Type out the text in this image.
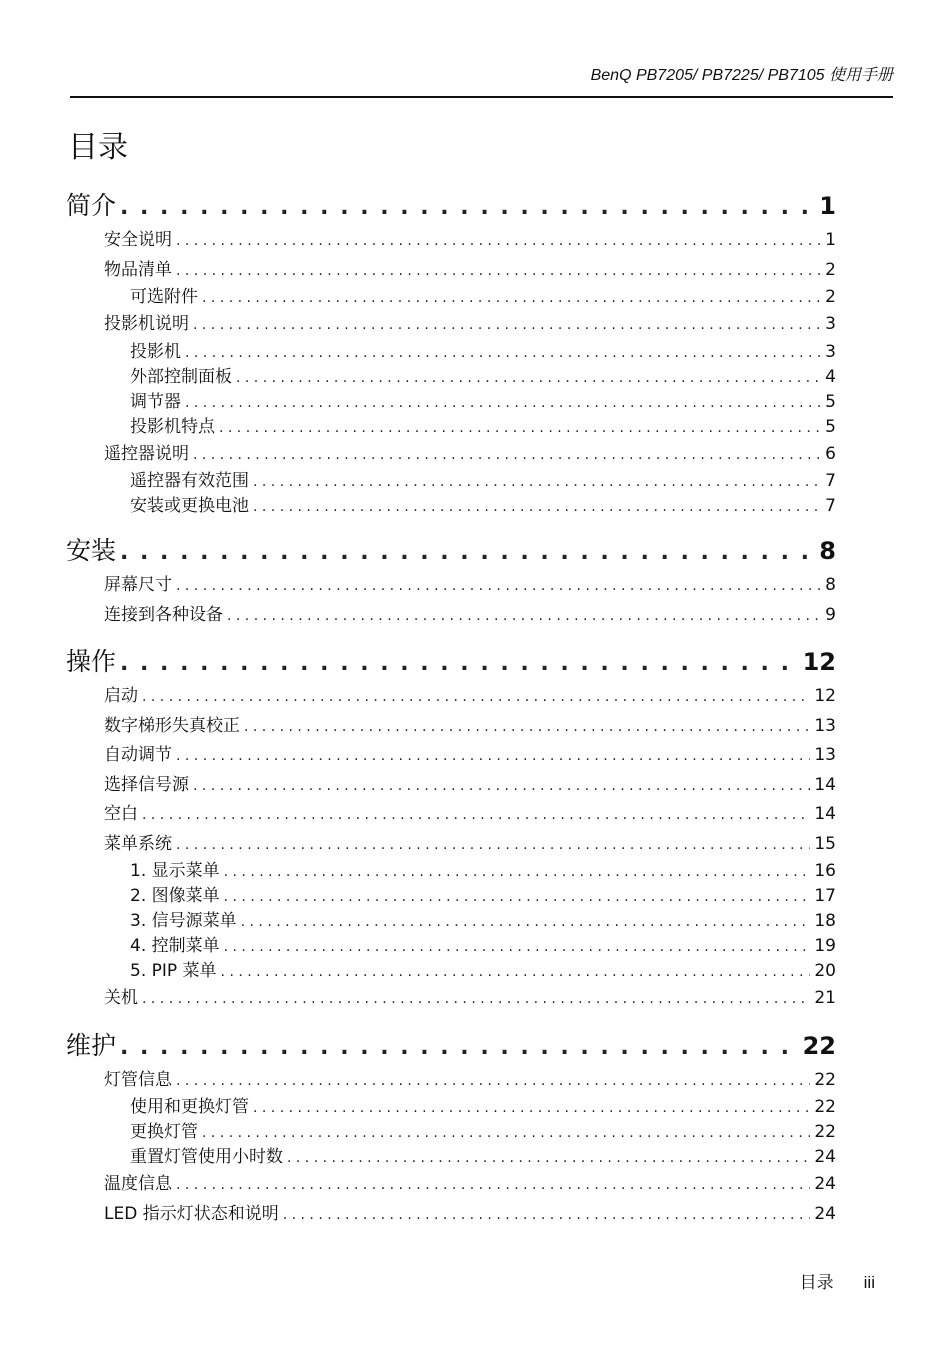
BenQ PB7205/ PB7225/ PB7105 使用手册
目录
简介 . . .	1
安全说明 . . .	1
物品清单 . . .	2
可选附件 . . .	2
投影机说明 . . .	3
投影机 . . .	3
外部控制面板 . . .	4
调节器 . . .	5
投影机特点 . . .	5
遥控器说明 . . .	6
遥控器有效范围 . . .	7
安装或更换电池 . . .	7
安装 . . .	8
屏幕尺寸 . . .	8
连接到各种设备 . . .	9
操作 . . .	12
启动 . . .	12
数字梯形失真校正 . . .	13
自动调节 . . .	13
选择信号源 . . .	14
空白 . . .	14
菜单系统 . . .	15
1. 显示菜单 . . .	16
2. 图像菜单 . . .	17
3. 信号源菜单 . . .	18
4. 控制菜单 . . .	19
5. PIP 菜单 . . .	20
关机 . . .	21
维护 . . .	22
灯管信息 . . .	22
使用和更换灯管 . . .	22
更换灯管 . . .	22
重置灯管使用小时数 . . .	24
温度信息 . . .	24
LED 指示灯状态和说明 . . .	24
目录 iii
